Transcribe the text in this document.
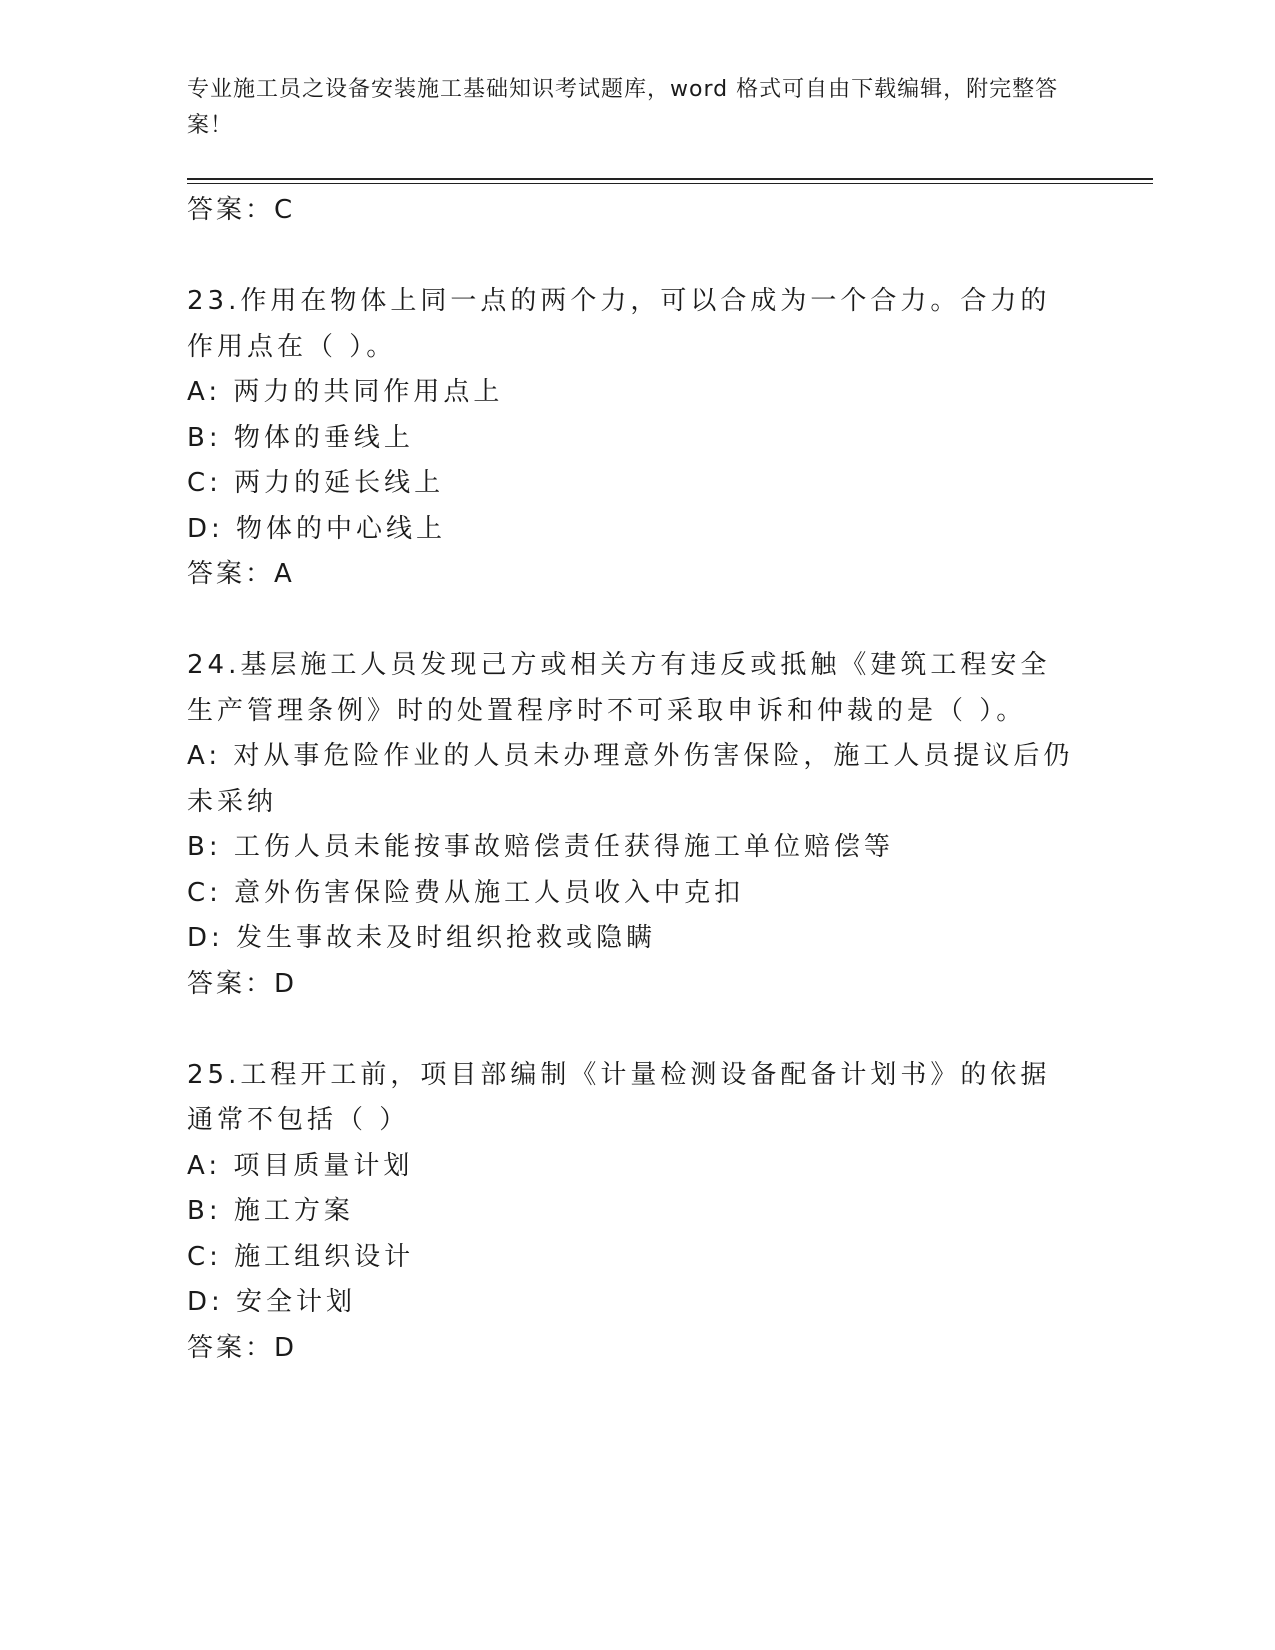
专业施工员之设备安装施工基础知识考试题库，word 格式可自由下载编辑，附完整答案！

答案：C

23.作用在物体上同一点的两个力，可以合成为一个合力。合力的作用点在（ ）。

A: 两力的共同作用点上

B: 物体的垂线上

C: 两力的延长线上

D: 物体的中心线上

答案：A

24.基层施工人员发现己方或相关方有违反或抵触《建筑工程安全生产管理条例》时的处置程序时不可采取申诉和仲裁的是（ ）。

A: 对从事危险作业的人员未办理意外伤害保险，施工人员提议后仍未采纳

B: 工伤人员未能按事故赔偿责任获得施工单位赔偿等

C: 意外伤害保险费从施工人员收入中克扣

D: 发生事故未及时组织抢救或隐瞒

答案：D

25.工程开工前，项目部编制《计量检测设备配备计划书》的依据通常不包括（ ）

A: 项目质量计划

B: 施工方案

C: 施工组织设计

D: 安全计划

答案：D
